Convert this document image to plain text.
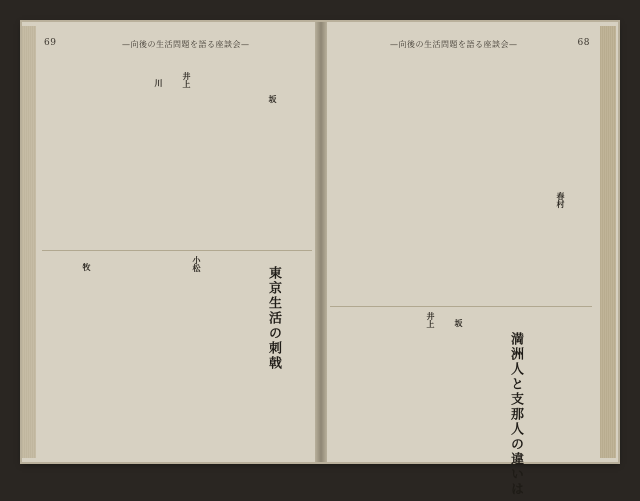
69	—向後の生活問題を語る座談会—
東京生活の刺戟
坂
井上
川
小松
牧
68
—向後の生活問題を語る座談会—
満洲人と支那人の違いは
春村
井上	坂
